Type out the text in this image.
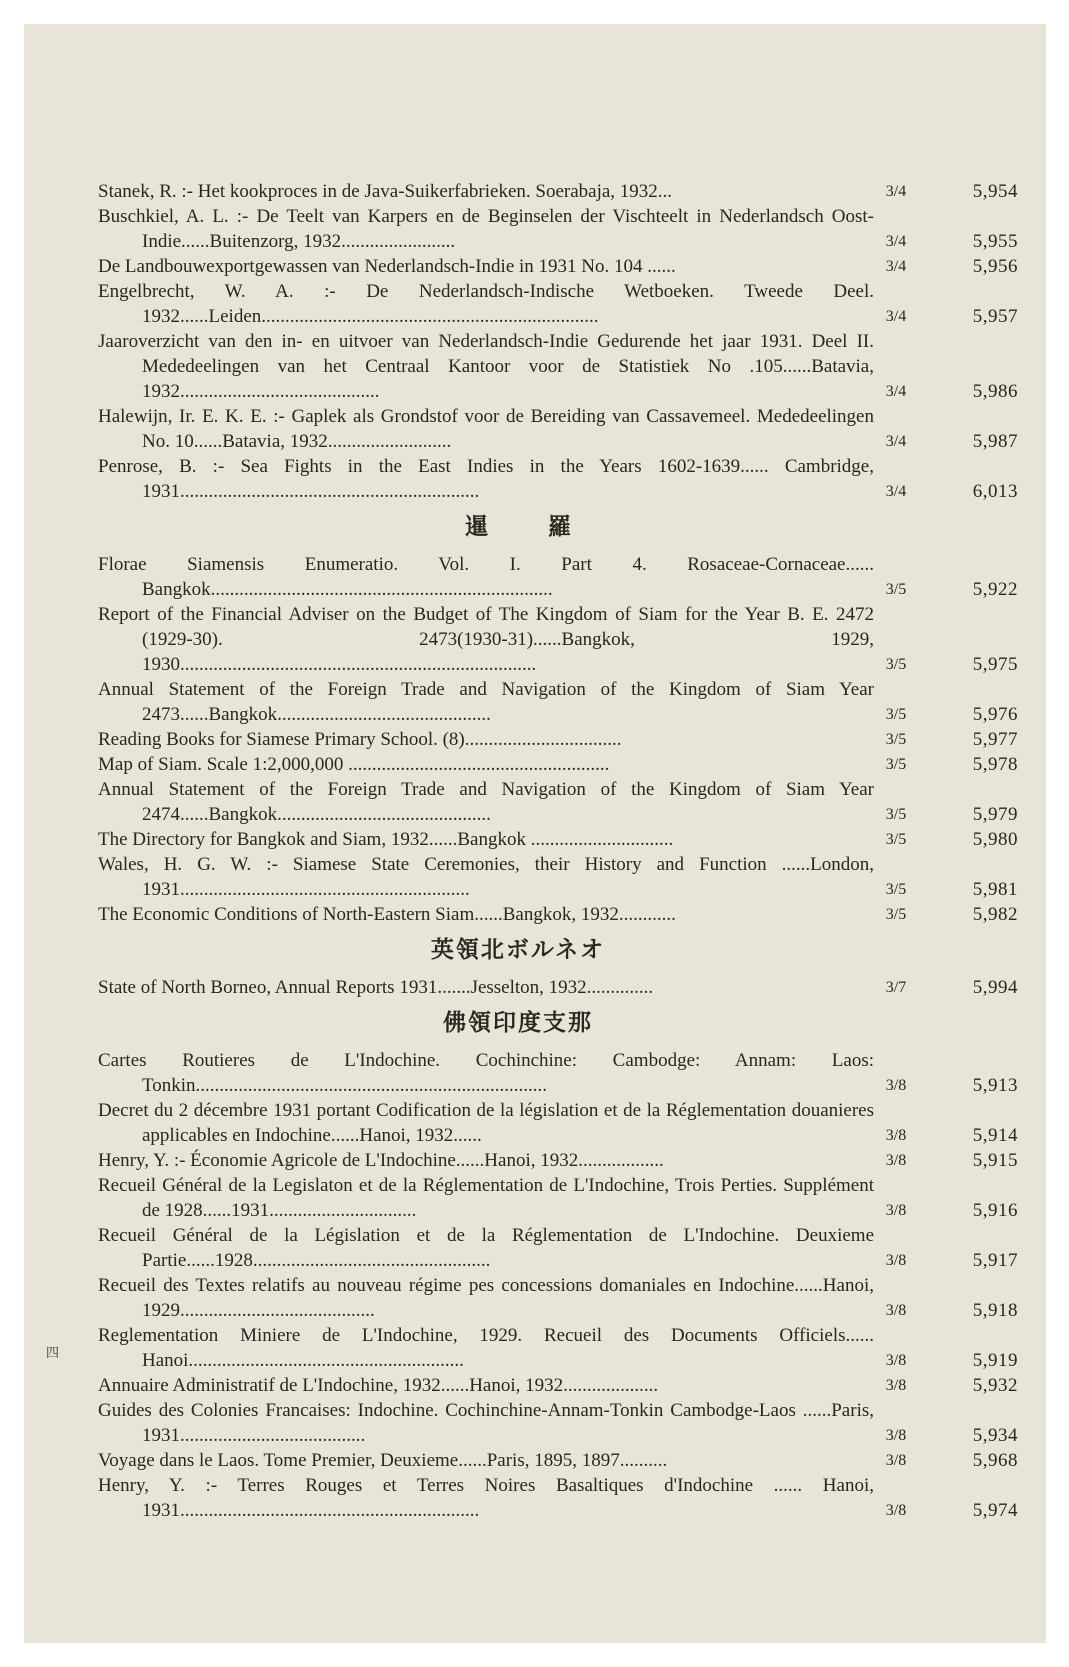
Stanek, R. :- Het kookproces in de Java-Suikerfabrieken. Soerabaja, 1932...	3/4	5,954
Buschkiel, A. L. :- De Teelt van Karpers en de Beginselen der Vischteelt in Nederlandsch Oost-Indie......Buitenzorg, 1932........................	3/4	5,955
De Landbouwexportgewassen van Nederlandsch-Indie in 1931 No. 104 ......	3/4	5,956
Engelbrecht, W. A. :- De Nederlandsch-Indische Wetboeken. Tweede Deel. 1932......Leiden.......................................................................	3/4	5,957
Jaaroverzicht van den in- en uitvoer van Nederlandsch-Indie Gedurende het jaar 1931. Deel II. Mededeelingen van het Centraal Kantoor voor de Statistiek No .105......Batavia, 1932..........................................	3/4	5,986
Halewijn, Ir. E. K. E. :- Gaplek als Grondstof voor de Bereiding van Cassavemeel. Mededeelingen No. 10......Batavia, 1932..........................	3/4	5,987
Penrose, B. :- Sea Fights in the East Indies in the Years 1602-1639...... Cambridge, 1931...............................................................	3/4	6,013
暹羅
Florae Siamensis Enumeratio. Vol. I. Part 4. Rosaceae-Cornaceae...... Bangkok........................................................................	3/5	5,922
Report of the Financial Adviser on the Budget of The Kingdom of Siam for the Year B. E. 2472 (1929-30). 2473(1930-31)......Bangkok, 1929, 1930...........................................................................	3/5	5,975
Annual Statement of the Foreign Trade and Navigation of the Kingdom of Siam Year 2473......Bangkok.............................................	3/5	5,976
Reading Books for Siamese Primary School. (8).................................	3/5	5,977
Map of Siam. Scale 1:2,000,000 .......................................................	3/5	5,978
Annual Statement of the Foreign Trade and Navigation of the Kingdom of Siam Year 2474......Bangkok.............................................	3/5	5,979
The Directory for Bangkok and Siam, 1932......Bangkok ..............................	3/5	5,980
Wales, H. G. W. :- Siamese State Ceremonies, their History and Function ......London, 1931.............................................................	3/5	5,981
The Economic Conditions of North-Eastern Siam......Bangkok, 1932............	3/5	5,982
英領北ボルネオ
State of North Borneo, Annual Reports 1931.......Jesselton, 1932..............	3/7	5,994
佛領印度支那
Cartes Routieres de L'Indochine. Cochinchine: Cambodge: Annam: Laos: Tonkin..........................................................................	3/8	5,913
Decret du 2 décembre 1931 portant Codification de la législation et de la Réglementation douanieres applicables en Indochine......Hanoi, 1932......	3/8	5,914
Henry, Y. :- Économie Agricole de L'Indochine......Hanoi, 1932..................	3/8	5,915
Recueil Général de la Legislaton et de la Réglementation de L'Indochine, Trois Perties. Supplément de 1928......1931...............................	3/8	5,916
Recueil Général de la Législation et de la Réglementation de L'Indochine. Deuxieme Partie......1928..................................................	3/8	5,917
Recueil des Textes relatifs au nouveau régime pes concessions domaniales en Indochine......Hanoi, 1929.........................................	3/8	5,918
Reglementation Miniere de L'Indochine, 1929. Recueil des Documents Officiels...... Hanoi..........................................................	3/8	5,919
Annuaire Administratif de L'Indochine, 1932......Hanoi, 1932....................	3/8	5,932
Guides des Colonies Francaises: Indochine. Cochinchine-Annam-Tonkin Cambodge-Laos ......Paris, 1931.......................................	3/8	5,934
Voyage dans le Laos. Tome Premier, Deuxieme......Paris, 1895, 1897..........	3/8	5,968
Henry, Y. :- Terres Rouges et Terres Noires Basaltiques d'Indochine ...... Hanoi, 1931...............................................................	3/8	5,974
四
